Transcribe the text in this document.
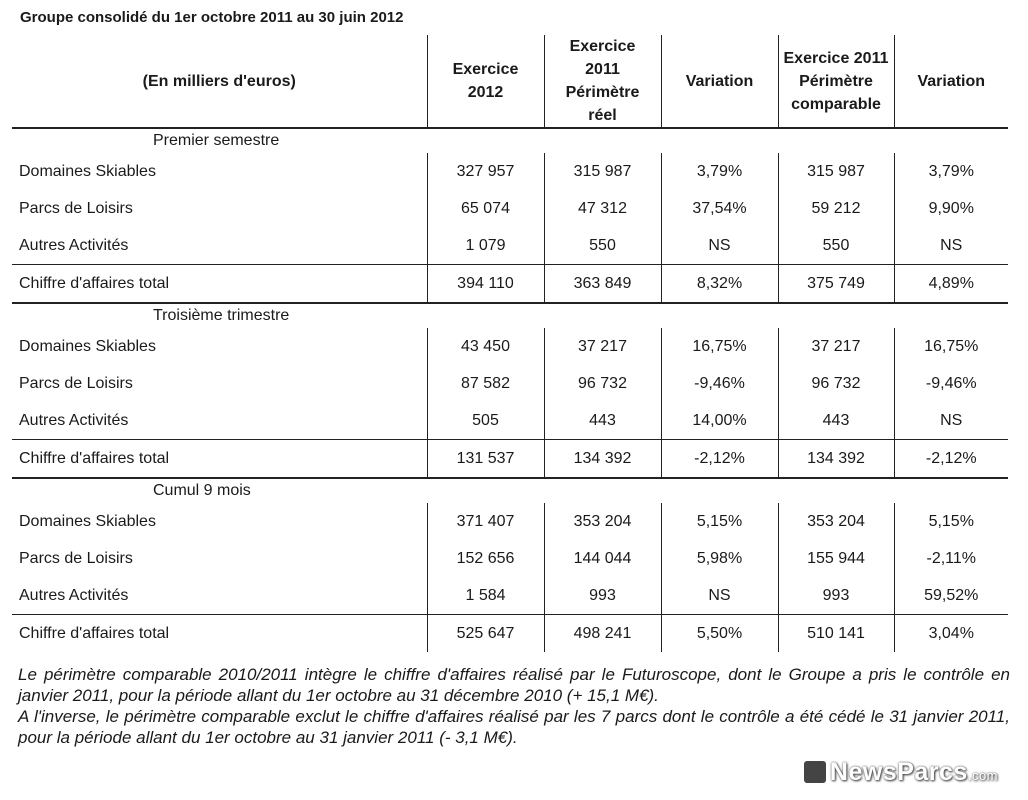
Groupe consolidé du 1er octobre 2011 au 30 juin 2012
(En milliers d'euros)	Exercice 2012	Exercice 2011 Périmètre réel	Variation	Exercice 2011 Périmètre comparable	Variation
Premier semestre					
Domaines Skiables	327 957	315 987	3,79%	315 987	3,79%
Parcs de Loisirs	65 074	47 312	37,54%	59 212	9,90%
Autres Activités	1 079	550	NS	550	NS
Chiffre d'affaires total	394 110	363 849	8,32%	375 749	4,89%
Troisième trimestre					
Domaines Skiables	43 450	37 217	16,75%	37 217	16,75%
Parcs de Loisirs	87 582	96 732	-9,46%	96 732	-9,46%
Autres Activités	505	443	14,00%	443	NS
Chiffre d'affaires total	131 537	134 392	-2,12%	134 392	-2,12%
Cumul 9 mois					
Domaines Skiables	371 407	353 204	5,15%	353 204	5,15%
Parcs de Loisirs	152 656	144 044	5,98%	155 944	-2,11%
Autres Activités	1 584	993	NS	993	59,52%
Chiffre d'affaires total	525 647	498 241	5,50%	510 141	3,04%

Le périmètre comparable 2010/2011 intègre le chiffre d'affaires réalisé par le Futuroscope, dont le Groupe a pris le contrôle en janvier 2011, pour la période allant du 1er octobre au 31 décembre 2010 (+ 15,1 M€).

A l'inverse, le périmètre comparable exclut le chiffre d'affaires réalisé par les 7 parcs dont le contrôle a été cédé le 31 janvier 2011, pour la période allant du 1er octobre au 31 janvier 2011 (- 3,1 M€).

NewsParcs.com
